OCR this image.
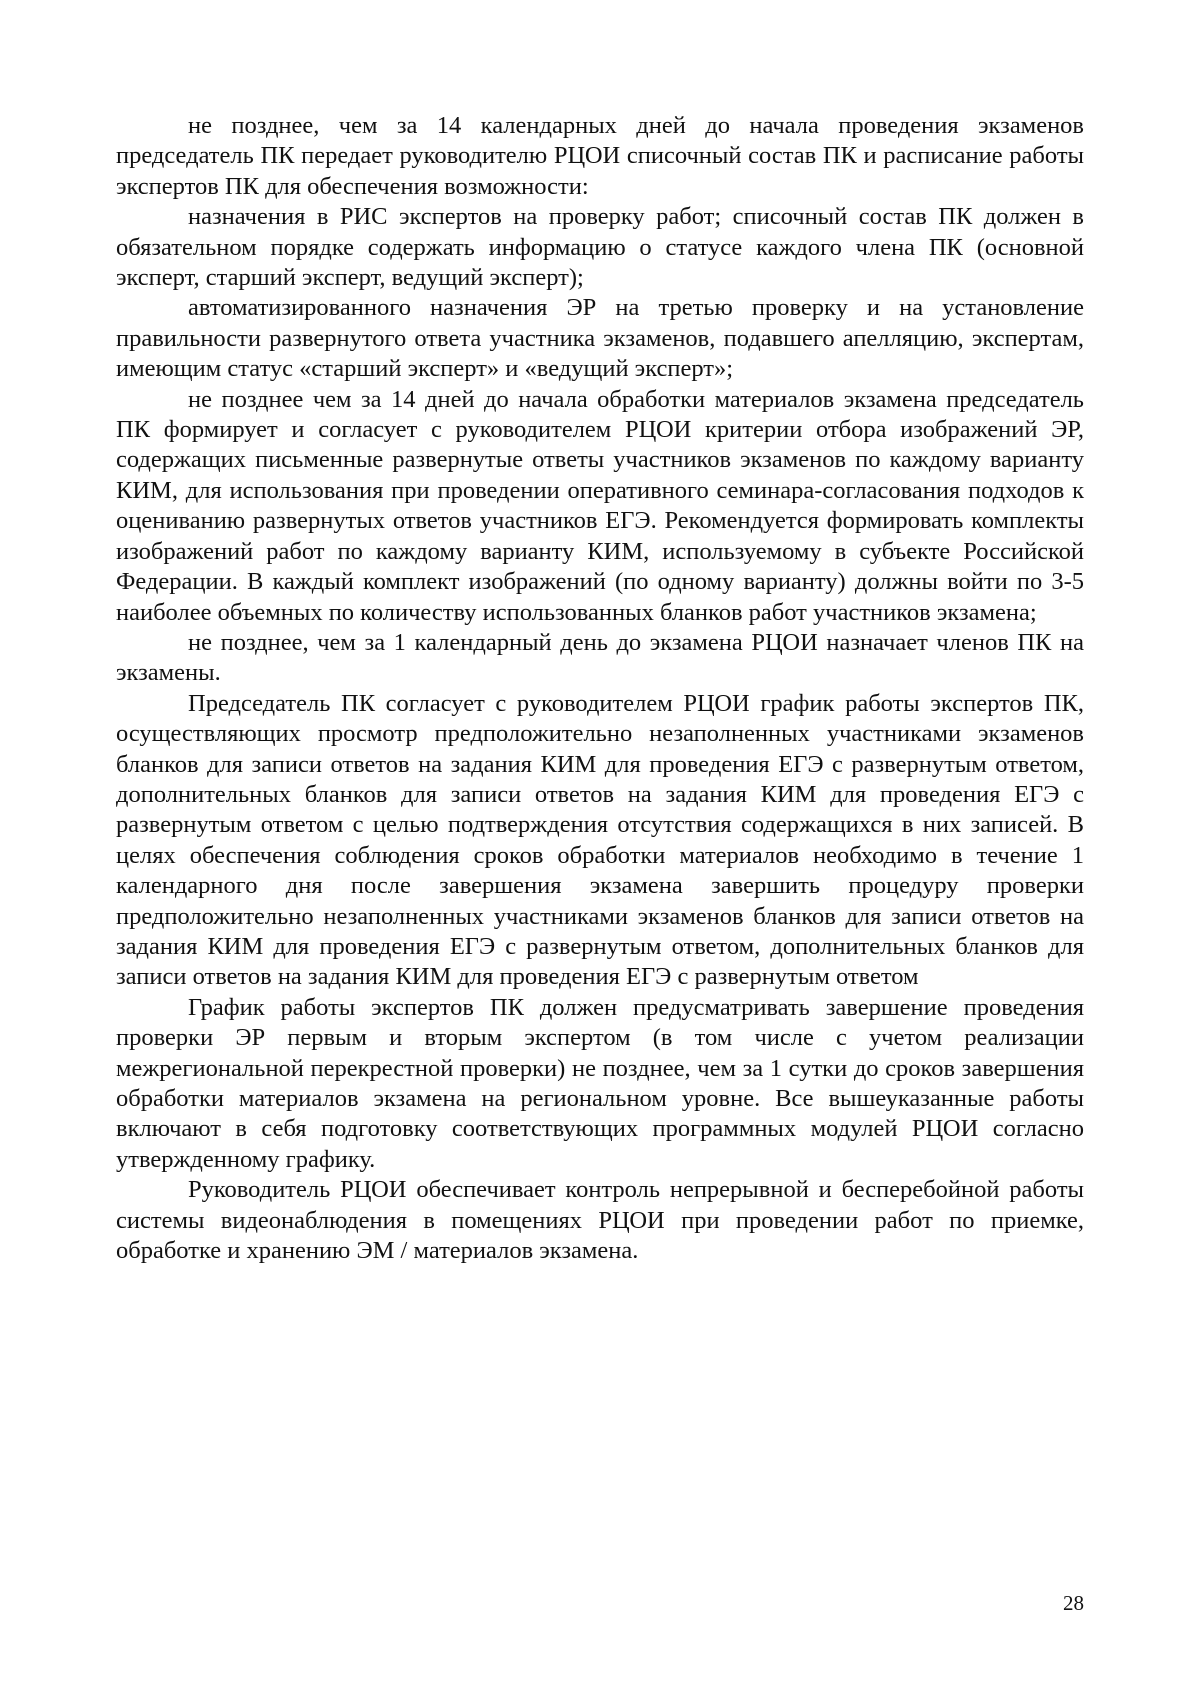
не позднее, чем за 14 календарных дней до начала проведения экзаменов председатель ПК передает руководителю РЦОИ списочный состав ПК и расписание работы экспертов ПК для обеспечения возможности:

назначения в РИС экспертов на проверку работ; списочный состав ПК должен в обязательном порядке содержать информацию о статусе каждого члена ПК (основной эксперт, старший эксперт, ведущий эксперт);

автоматизированного назначения ЭР на третью проверку и на установление правильности развернутого ответа участника экзаменов, подавшего апелляцию, экспертам, имеющим статус «старший эксперт» и «ведущий эксперт»;

не позднее чем за 14 дней до начала обработки материалов экзамена председатель ПК формирует и согласует с руководителем РЦОИ критерии отбора изображений ЭР, содержащих письменные развернутые ответы участников экзаменов по каждому варианту КИМ, для использования при проведении оперативного семинара-согласования подходов к оцениванию развернутых ответов участников ЕГЭ. Рекомендуется формировать комплекты изображений работ по каждому варианту КИМ, используемому в субъекте Российской Федерации. В каждый комплект изображений (по одному варианту) должны войти по 3-5 наиболее объемных по количеству использованных бланков работ участников экзамена;

не позднее, чем за 1 календарный день до экзамена РЦОИ назначает членов ПК на экзамены.

Председатель ПК согласует с руководителем РЦОИ график работы экспертов ПК, осуществляющих просмотр предположительно незаполненных участниками экзаменов бланков для записи ответов на задания КИМ для проведения ЕГЭ с развернутым ответом, дополнительных бланков для записи ответов на задания КИМ для проведения ЕГЭ с развернутым ответом с целью подтверждения отсутствия содержащихся в них записей. В целях обеспечения соблюдения сроков обработки материалов необходимо в течение 1 календарного дня после завершения экзамена завершить процедуру проверки предположительно незаполненных участниками экзаменов бланков для записи ответов на задания КИМ для проведения ЕГЭ с развернутым ответом, дополнительных бланков для записи ответов на задания КИМ для проведения ЕГЭ с развернутым ответом

График работы экспертов ПК должен предусматривать завершение проведения проверки ЭР первым и вторым экспертом (в том числе с учетом реализации межрегиональной перекрестной проверки) не позднее, чем за 1 сутки до сроков завершения обработки материалов экзамена на региональном уровне. Все вышеуказанные работы включают в себя подготовку соответствующих программных модулей РЦОИ согласно утвержденному графику.

Руководитель РЦОИ обеспечивает контроль непрерывной и бесперебойной работы системы видеонаблюдения в помещениях РЦОИ при проведении работ по приемке, обработке и хранению ЭМ / материалов экзамена.

28
